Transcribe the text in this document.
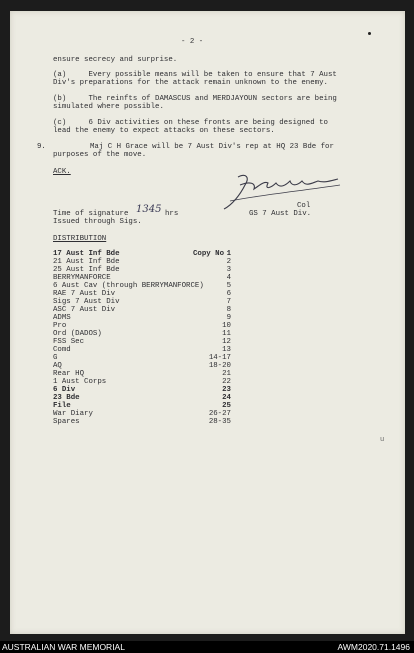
- 2 -
ensure secrecy and surprise.
(a)     Every possible means will be taken to ensure that 7 Aust
Div's preparations for the attack remain unknown to the enemy.
(b)     The reinfts of DAMASCUS and MERDJAYOUN sectors are being
simulated where possible.
(c)     6 Div activities on these fronts are being designed to
lead the enemy to expect attacks on these sectors.
9.	Maj C H Grace will be 7 Aust Div's rep at HQ 23 Bde for
purposes of the move.
ACK.
Col
GS 7 Aust Div.
Time of signature 1345 hrs
Issued through Sigs.
DISTRIBUTION
17 Aust Inf Bde	Copy No 1
21 Aust Inf Bde	2
25 Aust Inf Bde	3
BERRYMANFORCE	4
6 Aust Cav (through BERRYMANFORCE)	5
RAE 7 Aust Div	6
Sigs 7 Aust Div	7
ASC 7 Aust Div	8
ADMS	9
Pro	10
Ord (DADOS)	11
FSS Sec	12
Comd	13
G	14-17
AQ	18-20
Rear HQ	21
1 Aust Corps	22
6 Div	23
23 Bde	24
File	25
War Diary	26-27
Spares	28-35
u
AUSTRALIAN WAR MEMORIAL	AWM2020.71.1496
